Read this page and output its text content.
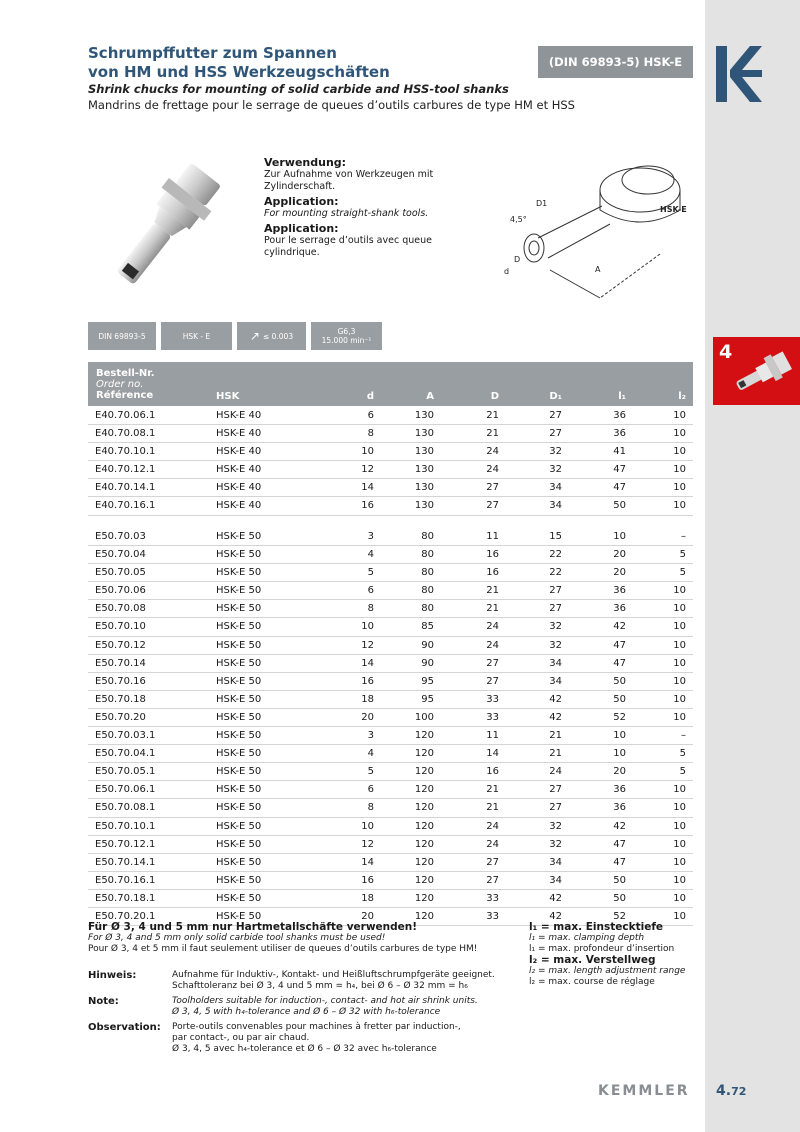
4
Schrumpffutter zum Spannen
von HM und HSS Werkzeugschäften
Shrink chucks for mounting of solid carbide and HSS-tool shanks
Mandrins de frettage pour le serrage de queues d’outils carbures de type HM et HSS
(DIN 69893-5) HSK-E
Verwendung:
Zur Aufnahme von Werkzeugen mit Zylinderschaft.
Application:
For mounting straight-shank tools.
Application:
Pour le serrage d’outils avec queue cylindrique.
4,5°
D1
d
D
A
HSK-E
DIN 69893-5	HSK - E	↗ ≤ 0.003	G6,3
15.000 min⁻¹
Bestell-Nr.
Order no.
Référence	HSK	d	A	D	D₁	l₁	l₂
E40.70.06.1	HSK-E 40	6	130	21	27	36	10
E40.70.08.1	HSK-E 40	8	130	21	27	36	10
E40.70.10.1	HSK-E 40	10	130	24	32	41	10
E40.70.12.1	HSK-E 40	12	130	24	32	47	10
E40.70.14.1	HSK-E 40	14	130	27	34	47	10
E40.70.16.1	HSK-E 40	16	130	27	34	50	10
E50.70.03	HSK-E 50	3	80	11	15	10	–
E50.70.04	HSK-E 50	4	80	16	22	20	5
E50.70.05	HSK-E 50	5	80	16	22	20	5
E50.70.06	HSK-E 50	6	80	21	27	36	10
E50.70.08	HSK-E 50	8	80	21	27	36	10
E50.70.10	HSK-E 50	10	85	24	32	42	10
E50.70.12	HSK-E 50	12	90	24	32	47	10
E50.70.14	HSK-E 50	14	90	27	34	47	10
E50.70.16	HSK-E 50	16	95	27	34	50	10
E50.70.18	HSK-E 50	18	95	33	42	50	10
E50.70.20	HSK-E 50	20	100	33	42	52	10
E50.70.03.1	HSK-E 50	3	120	11	21	10	–
E50.70.04.1	HSK-E 50	4	120	14	21	10	5
E50.70.05.1	HSK-E 50	5	120	16	24	20	5
E50.70.06.1	HSK-E 50	6	120	21	27	36	10
E50.70.08.1	HSK-E 50	8	120	21	27	36	10
E50.70.10.1	HSK-E 50	10	120	24	32	42	10
E50.70.12.1	HSK-E 50	12	120	24	32	47	10
E50.70.14.1	HSK-E 50	14	120	27	34	47	10
E50.70.16.1	HSK-E 50	16	120	27	34	50	10
E50.70.18.1	HSK-E 50	18	120	33	42	50	10
E50.70.20.1	HSK-E 50	20	120	33	42	52	10
Für Ø 3, 4 und 5 mm nur Hartmetallschäfte verwenden!
For Ø 3, 4 and 5 mm only solid carbide tool shanks must be used!
Pour Ø 3, 4 et 5 mm il faut seulement utiliser de queues d’outils carbures de type HM!
l₁ = max. Einstecktiefe
l₁ = max. clamping depth
l₁ = max. profondeur d’insertion
l₂ = max. Verstellweg
l₂ = max. length adjustment range
l₂ = max. course de réglage
Hinweis:	Aufnahme für Induktiv-, Kontakt- und Heißluftschrumpfgeräte geeignet.
Schafttoleranz bei Ø 3, 4 und 5 mm = h₄, bei Ø 6 – Ø 32 mm = h₆
Note:	Toolholders suitable for induction-, contact- and hot air shrink units.
Ø 3, 4, 5 with h₄-tolerance and Ø 6 – Ø 32 with h₆-tolerance
Observation: Porte-outils convenables pour machines à fretter par induction-,
par contact-, ou par air chaud.
Ø 3, 4, 5 avec h₄-tolerance et Ø 6 – Ø 32 avec h₆-tolerance
KEMMLER 4.72
